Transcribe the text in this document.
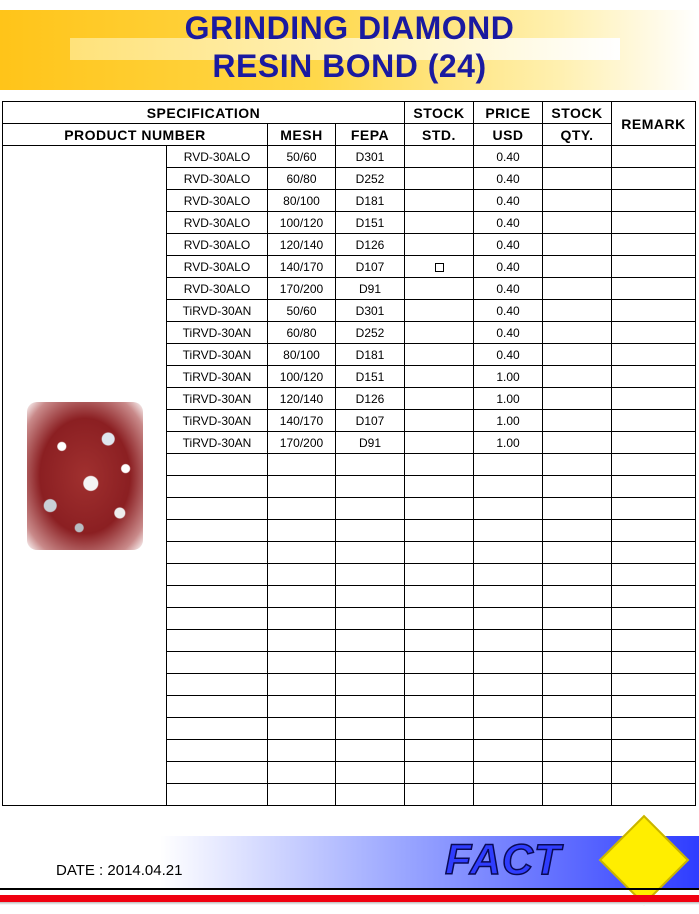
GRINDING DIAMOND
RESIN BOND (24)
SPECIFICATION				STOCK	PRICE	STOCK	REMARK
PRODUCT NUMBER		MESH	FEPA	STD.	USD	QTY.	

	RVD-30ALO	50/60	D301		0.40		
	RVD-30ALO	60/80	D252		0.40		
	RVD-30ALO	80/100	D181		0.40		
	RVD-30ALO	100/120	D151		0.40		
	RVD-30ALO	120/140	D126		0.40		
	RVD-30ALO	140/170	D107		0.40		
	RVD-30ALO	170/200	D91		0.40		
	TiRVD-30AN	50/60	D301		0.40		
	TiRVD-30AN	60/80	D252		0.40		
	TiRVD-30AN	80/100	D181		0.40		
	TiRVD-30AN	100/120	D151		1.00		
	TiRVD-30AN	120/140	D126		1.00		
	TiRVD-30AN	140/170	D107		1.00		
	TiRVD-30AN	170/200	D91		1.00		

FACT
DATE : 2014.04.21
